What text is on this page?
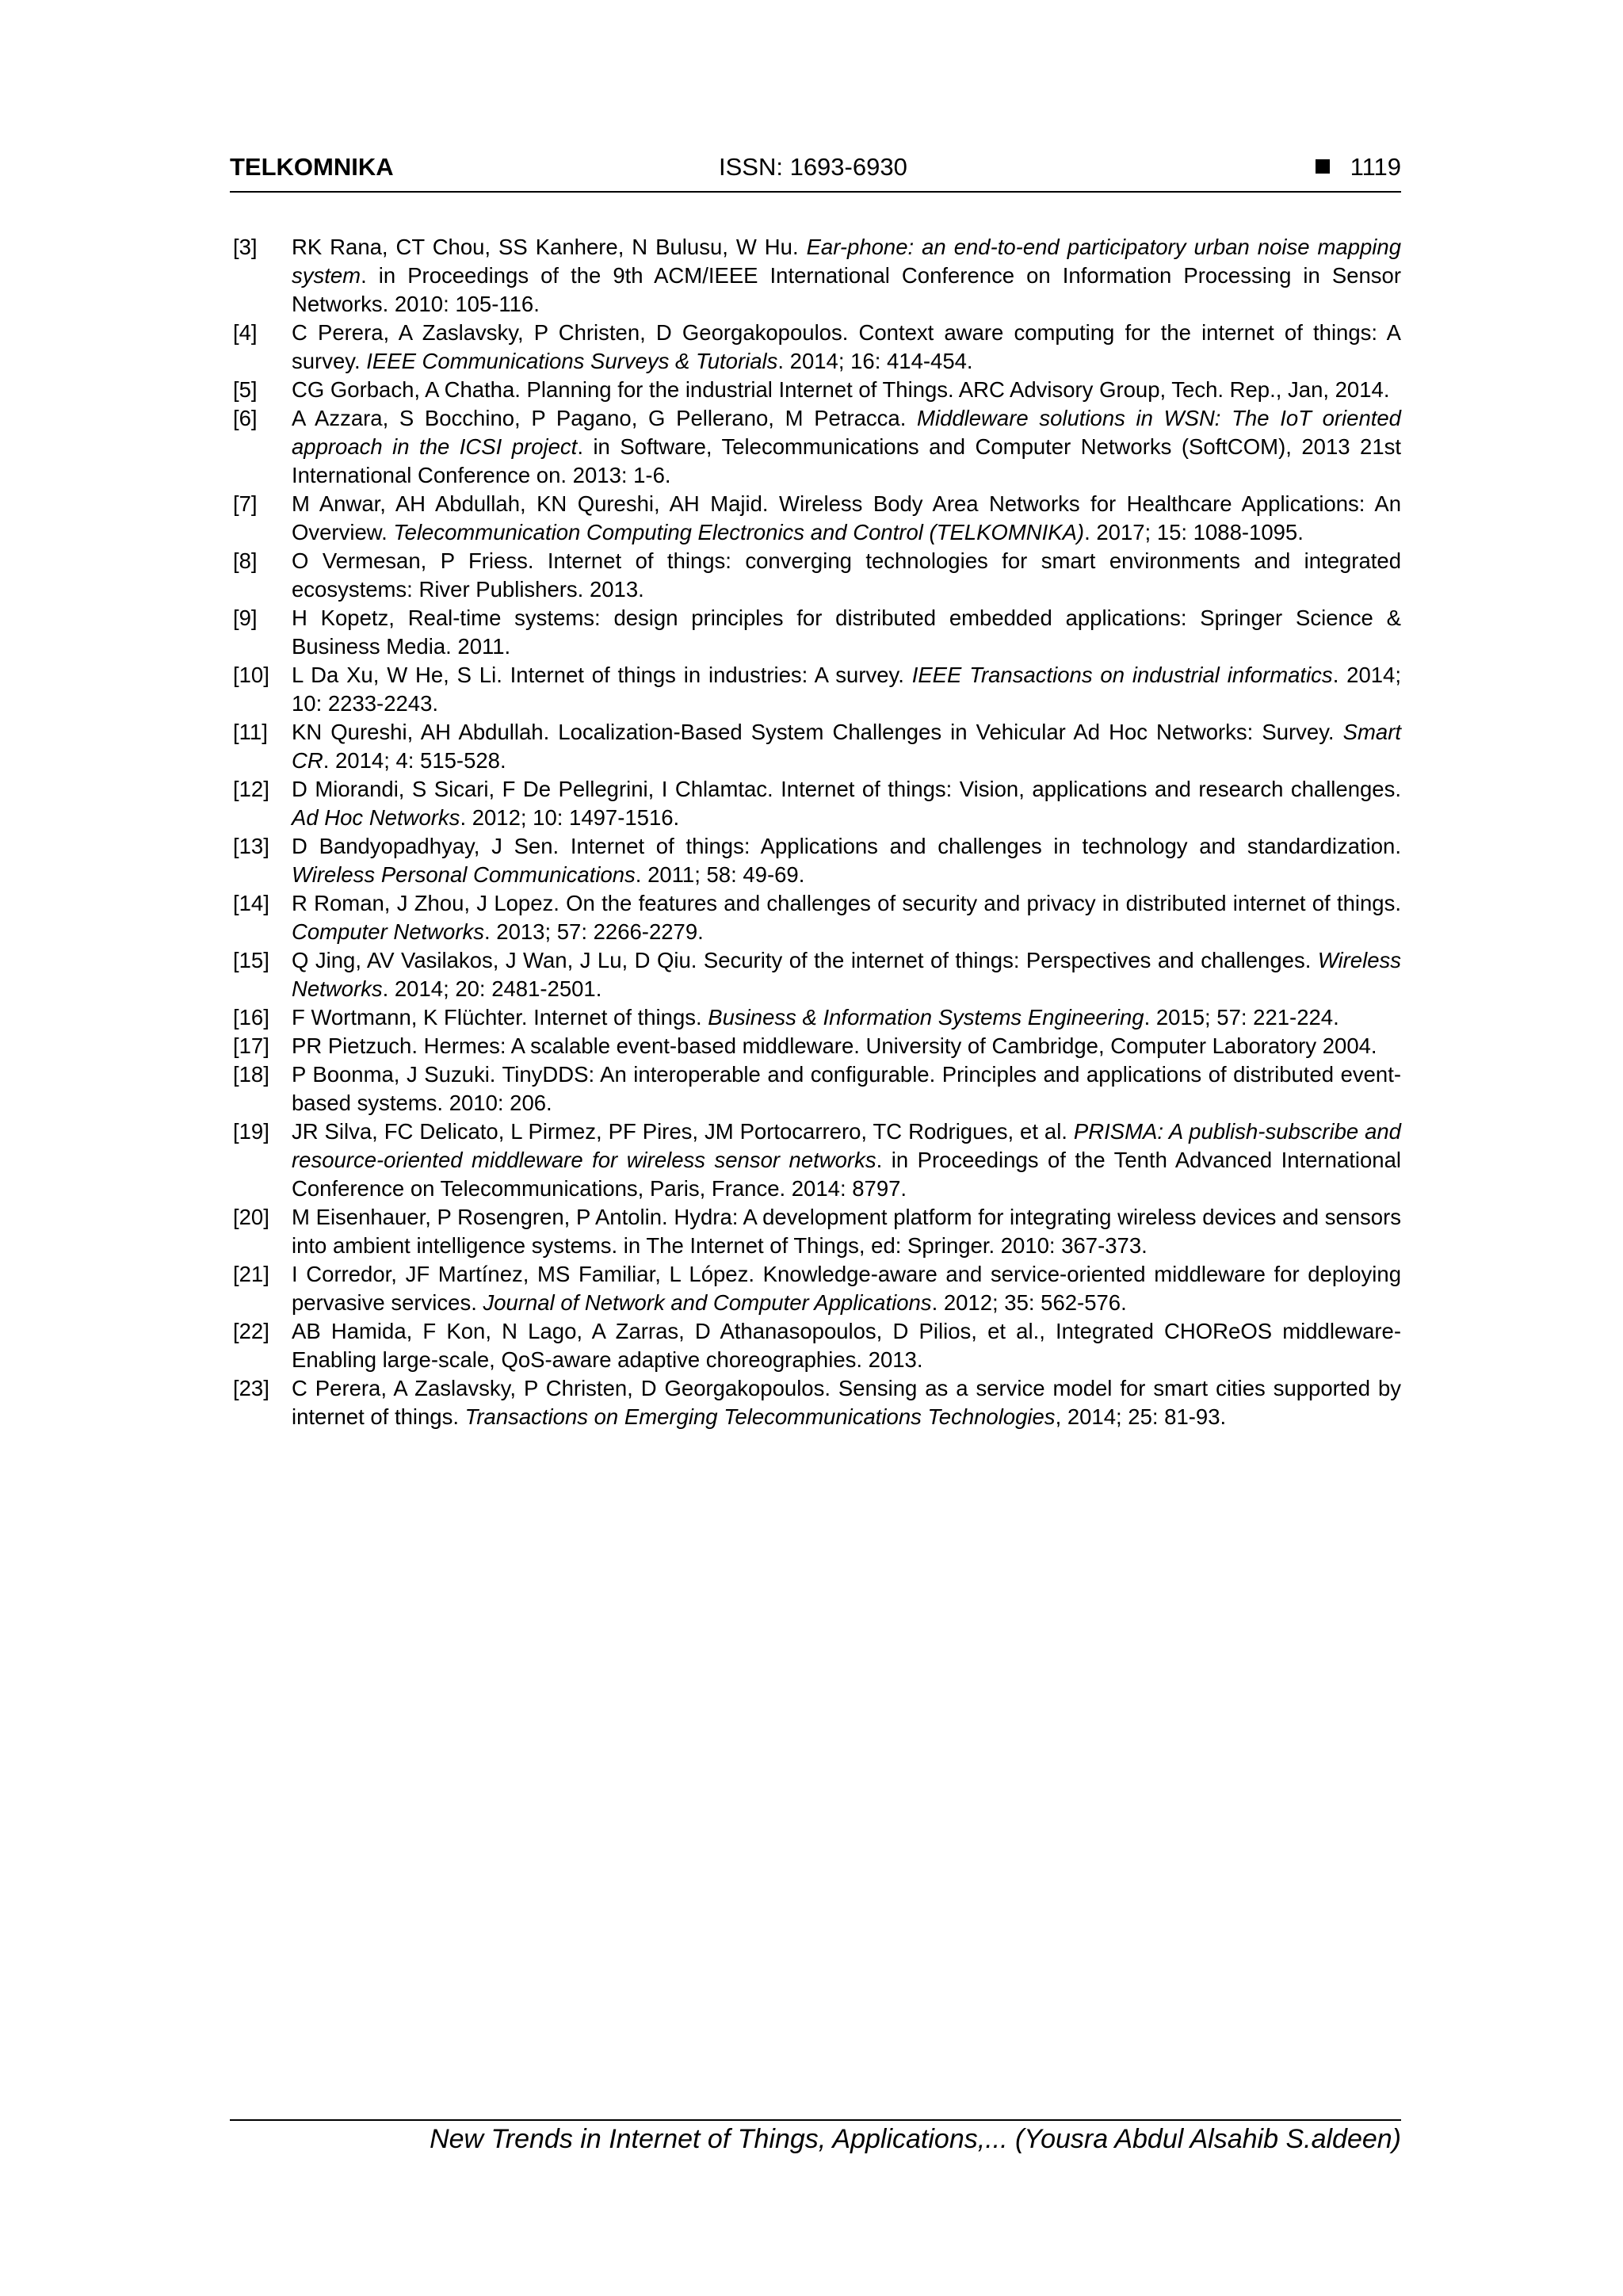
TELKOMNIKA	ISSN: 1693-6930	1119
[3] RK Rana, CT Chou, SS Kanhere, N Bulusu, W Hu. Ear-phone: an end-to-end participatory urban noise mapping system. in Proceedings of the 9th ACM/IEEE International Conference on Information Processing in Sensor Networks. 2010: 105-116.
[4] C Perera, A Zaslavsky, P Christen, D Georgakopoulos. Context aware computing for the internet of things: A survey. IEEE Communications Surveys & Tutorials. 2014; 16: 414-454.
[5] CG Gorbach, A Chatha. Planning for the industrial Internet of Things. ARC Advisory Group, Tech. Rep., Jan, 2014.
[6] A Azzara, S Bocchino, P Pagano, G Pellerano, M Petracca. Middleware solutions in WSN: The IoT oriented approach in the ICSI project. in Software, Telecommunications and Computer Networks (SoftCOM), 2013 21st International Conference on. 2013: 1-6.
[7] M Anwar, AH Abdullah, KN Qureshi, AH Majid. Wireless Body Area Networks for Healthcare Applications: An Overview. Telecommunication Computing Electronics and Control (TELKOMNIKA). 2017; 15: 1088-1095.
[8] O Vermesan, P Friess. Internet of things: converging technologies for smart environments and integrated ecosystems: River Publishers. 2013.
[9] H Kopetz, Real-time systems: design principles for distributed embedded applications: Springer Science & Business Media. 2011.
[10] L Da Xu, W He, S Li. Internet of things in industries: A survey. IEEE Transactions on industrial informatics. 2014; 10: 2233-2243.
[11] KN Qureshi, AH Abdullah. Localization-Based System Challenges in Vehicular Ad Hoc Networks: Survey. Smart CR. 2014; 4: 515-528.
[12] D Miorandi, S Sicari, F De Pellegrini, I Chlamtac. Internet of things: Vision, applications and research challenges. Ad Hoc Networks. 2012; 10: 1497-1516.
[13] D Bandyopadhyay, J Sen. Internet of things: Applications and challenges in technology and standardization. Wireless Personal Communications. 2011; 58: 49-69.
[14] R Roman, J Zhou, J Lopez. On the features and challenges of security and privacy in distributed internet of things. Computer Networks. 2013; 57: 2266-2279.
[15] Q Jing, AV Vasilakos, J Wan, J Lu, D Qiu. Security of the internet of things: Perspectives and challenges. Wireless Networks. 2014; 20: 2481-2501.
[16] F Wortmann, K Flüchter. Internet of things. Business & Information Systems Engineering. 2015; 57: 221-224.
[17] PR Pietzuch. Hermes: A scalable event-based middleware. University of Cambridge, Computer Laboratory 2004.
[18] P Boonma, J Suzuki. TinyDDS: An interoperable and configurable. Principles and applications of distributed event-based systems. 2010: 206.
[19] JR Silva, FC Delicato, L Pirmez, PF Pires, JM Portocarrero, TC Rodrigues, et al. PRISMA: A publish-subscribe and resource-oriented middleware for wireless sensor networks. in Proceedings of the Tenth Advanced International Conference on Telecommunications, Paris, France. 2014: 8797.
[20] M Eisenhauer, P Rosengren, P Antolin. Hydra: A development platform for integrating wireless devices and sensors into ambient intelligence systems. in The Internet of Things, ed: Springer. 2010: 367-373.
[21] I Corredor, JF Martínez, MS Familiar, L López. Knowledge-aware and service-oriented middleware for deploying pervasive services. Journal of Network and Computer Applications. 2012; 35: 562-576.
[22] AB Hamida, F Kon, N Lago, A Zarras, D Athanasopoulos, D Pilios, et al., Integrated CHOReOS middleware-Enabling large-scale, QoS-aware adaptive choreographies. 2013.
[23] C Perera, A Zaslavsky, P Christen, D Georgakopoulos. Sensing as a service model for smart cities supported by internet of things. Transactions on Emerging Telecommunications Technologies, 2014; 25: 81-93.
New Trends in Internet of Things, Applications,... (Yousra Abdul Alsahib S.aldeen)
